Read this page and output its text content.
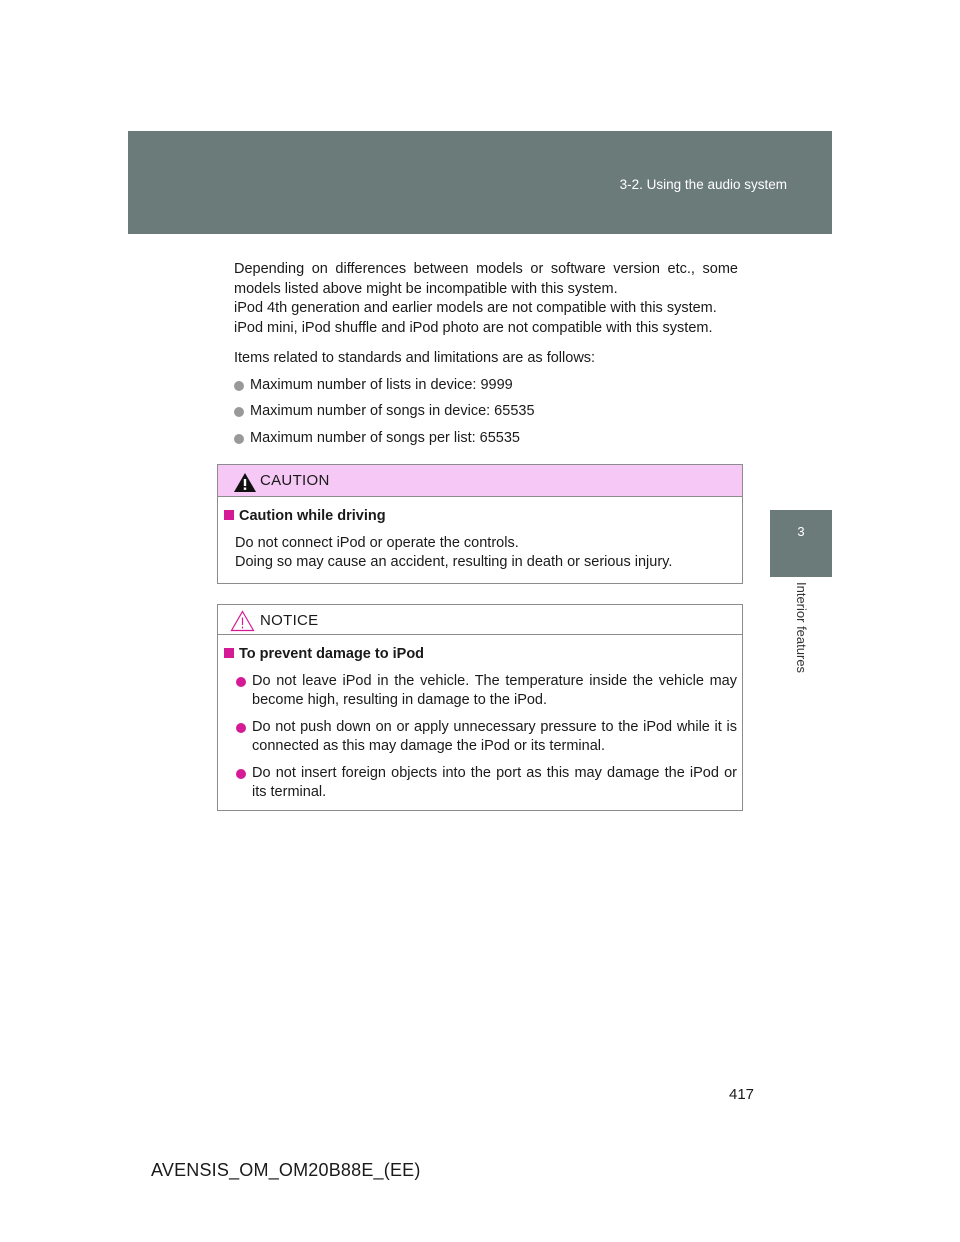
3-2. Using the audio system
3
Interior features

Depending on differences between models or software version etc., some models listed above might be incompatible with this system.

iPod 4th generation and earlier models are not compatible with this system.

iPod mini, iPod shuffle and iPod photo are not compatible with this system.

Items related to standards and limitations are as follows:

Maximum number of lists in device: 9999
Maximum number of songs in device: 65535
Maximum number of songs per list: 65535
CAUTION
Caution while driving
Do not connect iPod or operate the controls.
Doing so may cause an accident, resulting in death or serious injury.
NOTICE
To prevent damage to iPod
Do not leave iPod in the vehicle. The temperature inside the vehicle may become high, resulting in damage to the iPod.
Do not push down on or apply unnecessary pressure to the iPod while it is connected as this may damage the iPod or its terminal.
Do not insert foreign objects into the port as this may damage the iPod or its terminal.
417
AVENSIS_OM_OM20B88E_(EE)
